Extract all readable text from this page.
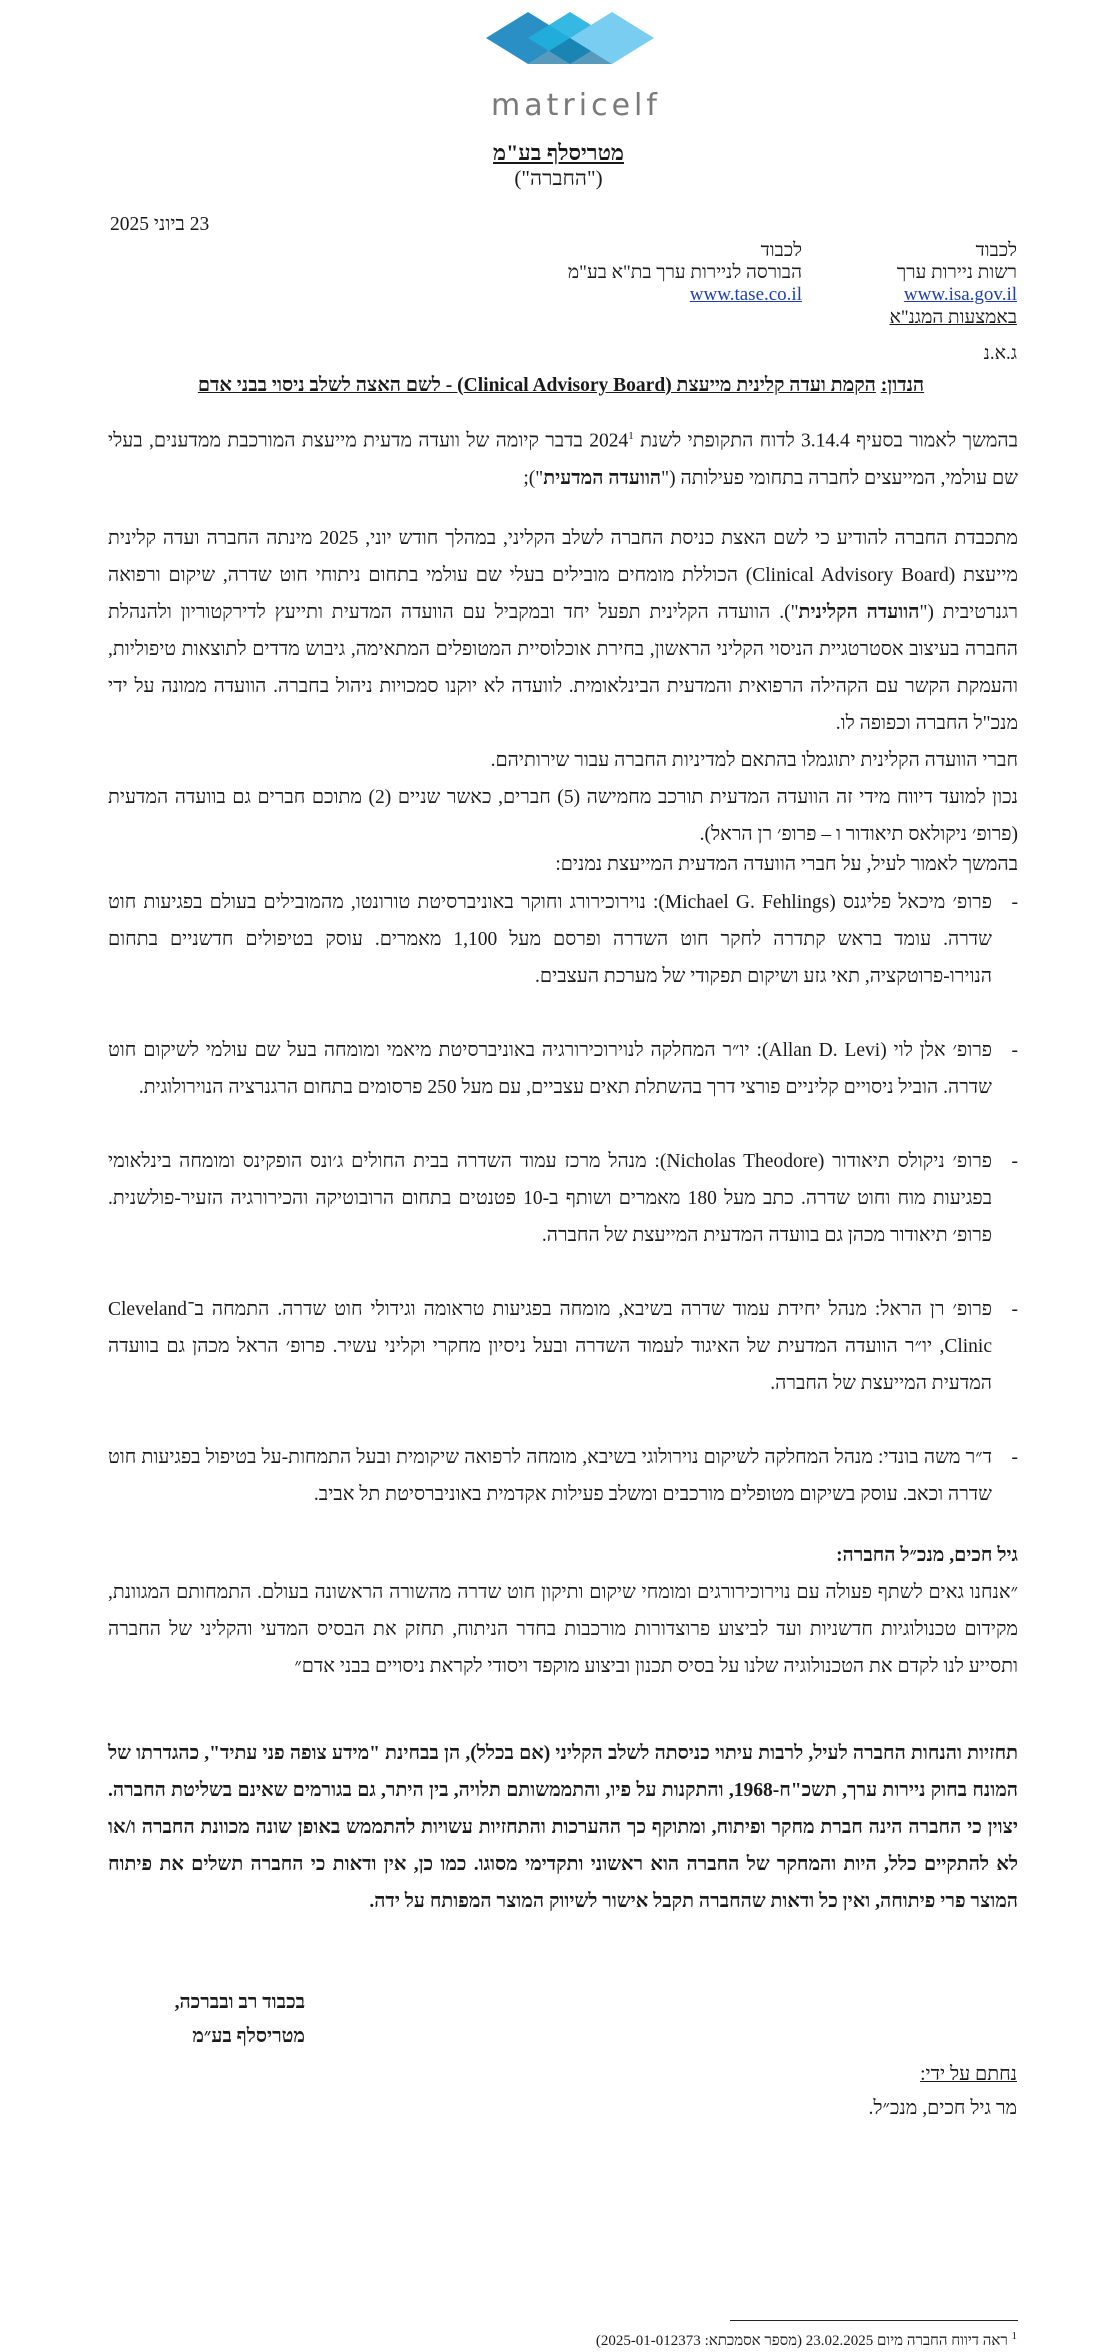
matricelf
מטריסלף בע"מ
("החברה")
23 ביוני 2025
לכבוד
רשות ניירות ערך
www.isa.gov.il
לכבוד
הבורסה לניירות ערך בת"א בע"מ
www.tase.co.il
באמצעות המגנ"א
ג.א.נ
הנדון: הקמת ועדה קלינית מייעצת (Clinical Advisory Board) - לשם האצה לשלב ניסוי בבני אדם

בהמשך לאמור בסעיף 3.14.4 לדוח התקופתי לשנת 2024$^1$ בדבר קיומה של וועדה מדעית מייעצת המורכבת ממדענים, בעלי שם עולמי, המייעצים לחברה בתחומי פעילותה ("הוועדה המדעית");

מתכבדת החברה להודיע כי לשם האצת כניסת החברה לשלב הקליני, במהלך חודש יוני, 2025 מינתה החברה ועדה קלינית מייעצת (Clinical Advisory Board) הכוללת מומחים מובילים בעלי שם עולמי בתחום ניתוחי חוט שדרה, שיקום ורפואה רגנרטיבית ("הוועדה הקלינית"). הוועדה הקלינית תפעל יחד ובמקביל עם הוועדה המדעית ותייעץ לדירקטוריון ולהנהלת החברה בעיצוב אסטרטגיית הניסוי הקליני הראשון, בחירת אוכלוסיית המטופלים המתאימה, גיבוש מדדים לתוצאות טיפוליות, והעמקת הקשר עם הקהילה הרפואית והמדעית הבינלאומית. לוועדה לא יוקנו סמכויות ניהול בחברה. הוועדה ממונה על ידי מנכ"ל החברה וכפופה לו.

חברי הוועדה הקלינית יתוגמלו בהתאם למדיניות החברה עבור שירותיהם.

נכון למועד דיווח מידי זה הוועדה המדעית תורכב מחמישה (5) חברים, כאשר שניים (2) מתוכם חברים גם בוועדה המדעית (פרופ׳ ניקולאס תיאודור ו – פרופ׳ רן הראל).

בהמשך לאמור לעיל, על חברי הוועדה המדעית המייעצת נמנים:
-
פרופ׳ מיכאל פליגנס (Michael G. Fehlings): נוירוכירורג וחוקר באוניברסיטת טורונטו, מהמובילים בעולם בפגיעות חוט שדרה. עומד בראש קתדרה לחקר חוט השדרה ופרסם מעל 1,100 מאמרים. עוסק בטיפולים חדשניים בתחום הנוירו-פרוטקציה, תאי גזע ושיקום תפקודי של מערכת העצבים.
-
פרופ׳ אלן לוי (Allan D. Levi): יו״ר המחלקה לנוירוכירורגיה באוניברסיטת מיאמי ומומחה בעל שם עולמי לשיקום חוט שדרה. הוביל ניסויים קליניים פורצי דרך בהשתלת תאים עצביים, עם מעל 250 פרסומים בתחום הרגנרציה הנוירולוגית.
-
פרופ׳ ניקולס תיאודור (Nicholas Theodore): מנהל מרכז עמוד השדרה בבית החולים ג׳ונס הופקינס ומומחה בינלאומי בפגיעות מוח וחוט שדרה. כתב מעל 180 מאמרים ושותף ב-10 פטנטים בתחום הרובוטיקה והכירורגיה הזעיר-פולשנית. פרופ׳ תיאודור מכהן גם בוועדה המדעית המייעצת של החברה.
-
פרופ׳ רן הראל: מנהל יחידת עמוד שדרה בשיבא, מומחה בפגיעות טראומה וגידולי חוט שדרה. התמחה ב־Cleveland Clinic, יו״ר הוועדה המדעית של האיגוד לעמוד השדרה ובעל ניסיון מחקרי וקליני עשיר. פרופ׳ הראל מכהן גם בוועדה המדעית המייעצת של החברה.
-
ד״ר משה בונדי: מנהל המחלקה לשיקום נוירולוגי בשיבא, מומחה לרפואה שיקומית ובעל התמחות-על בטיפול בפגיעות חוט שדרה וכאב. עוסק בשיקום מטופלים מורכבים ומשלב פעילות אקדמית באוניברסיטת תל אביב.

גיל חכים, מנכ״ל החברה:

״אנחנו גאים לשתף פעולה עם נוירוכירורגים ומומחי שיקום ותיקון חוט שדרה מהשורה הראשונה בעולם. התמחותם המגוונת, מקידום טכנולוגיות חדשניות ועד לביצוע פרוצדורות מורכבות בחדר הניתוח, תחזק את הבסיס המדעי והקליני של החברה ותסייע לנו לקדם את הטכנולוגיה שלנו על בסיס תכנון וביצוע מוקפד ויסודי לקראת ניסויים בבני אדם״

תחזיות והנחות החברה לעיל, לרבות עיתוי כניסתה לשלב הקליני (אם בכלל), הן בבחינת "מידע צופה פני עתיד", כהגדרתו של המונח בחוק ניירות ערך, תשכ"ח-1968, והתקנות על פיו, והתממשותם תלויה, בין היתר, גם בגורמים שאינם בשליטת החברה. יצוין כי החברה הינה חברת מחקר ופיתוח, ומתוקף כך ההערכות והתחזיות עשויות להתממש באופן שונה מכוונת החברה ו/או לא להתקיים כלל, היות והמחקר של החברה הוא ראשוני ותקדימי מסוגו. כמו כן, אין ודאות כי החברה תשלים את פיתוח המוצר פרי פיתוחה, ואין כל ודאות שהחברה תקבל אישור לשיווק המוצר המפותח על ידה.
בכבוד רב ובברכה,
מטריסלף בע״מ
נחתם על ידי:
מר גיל חכים, מנכ״ל.
$^1$ ראה דיווח החברה מיום 23.02.2025 (מספר אסמכתא: 2025-01-012373)
